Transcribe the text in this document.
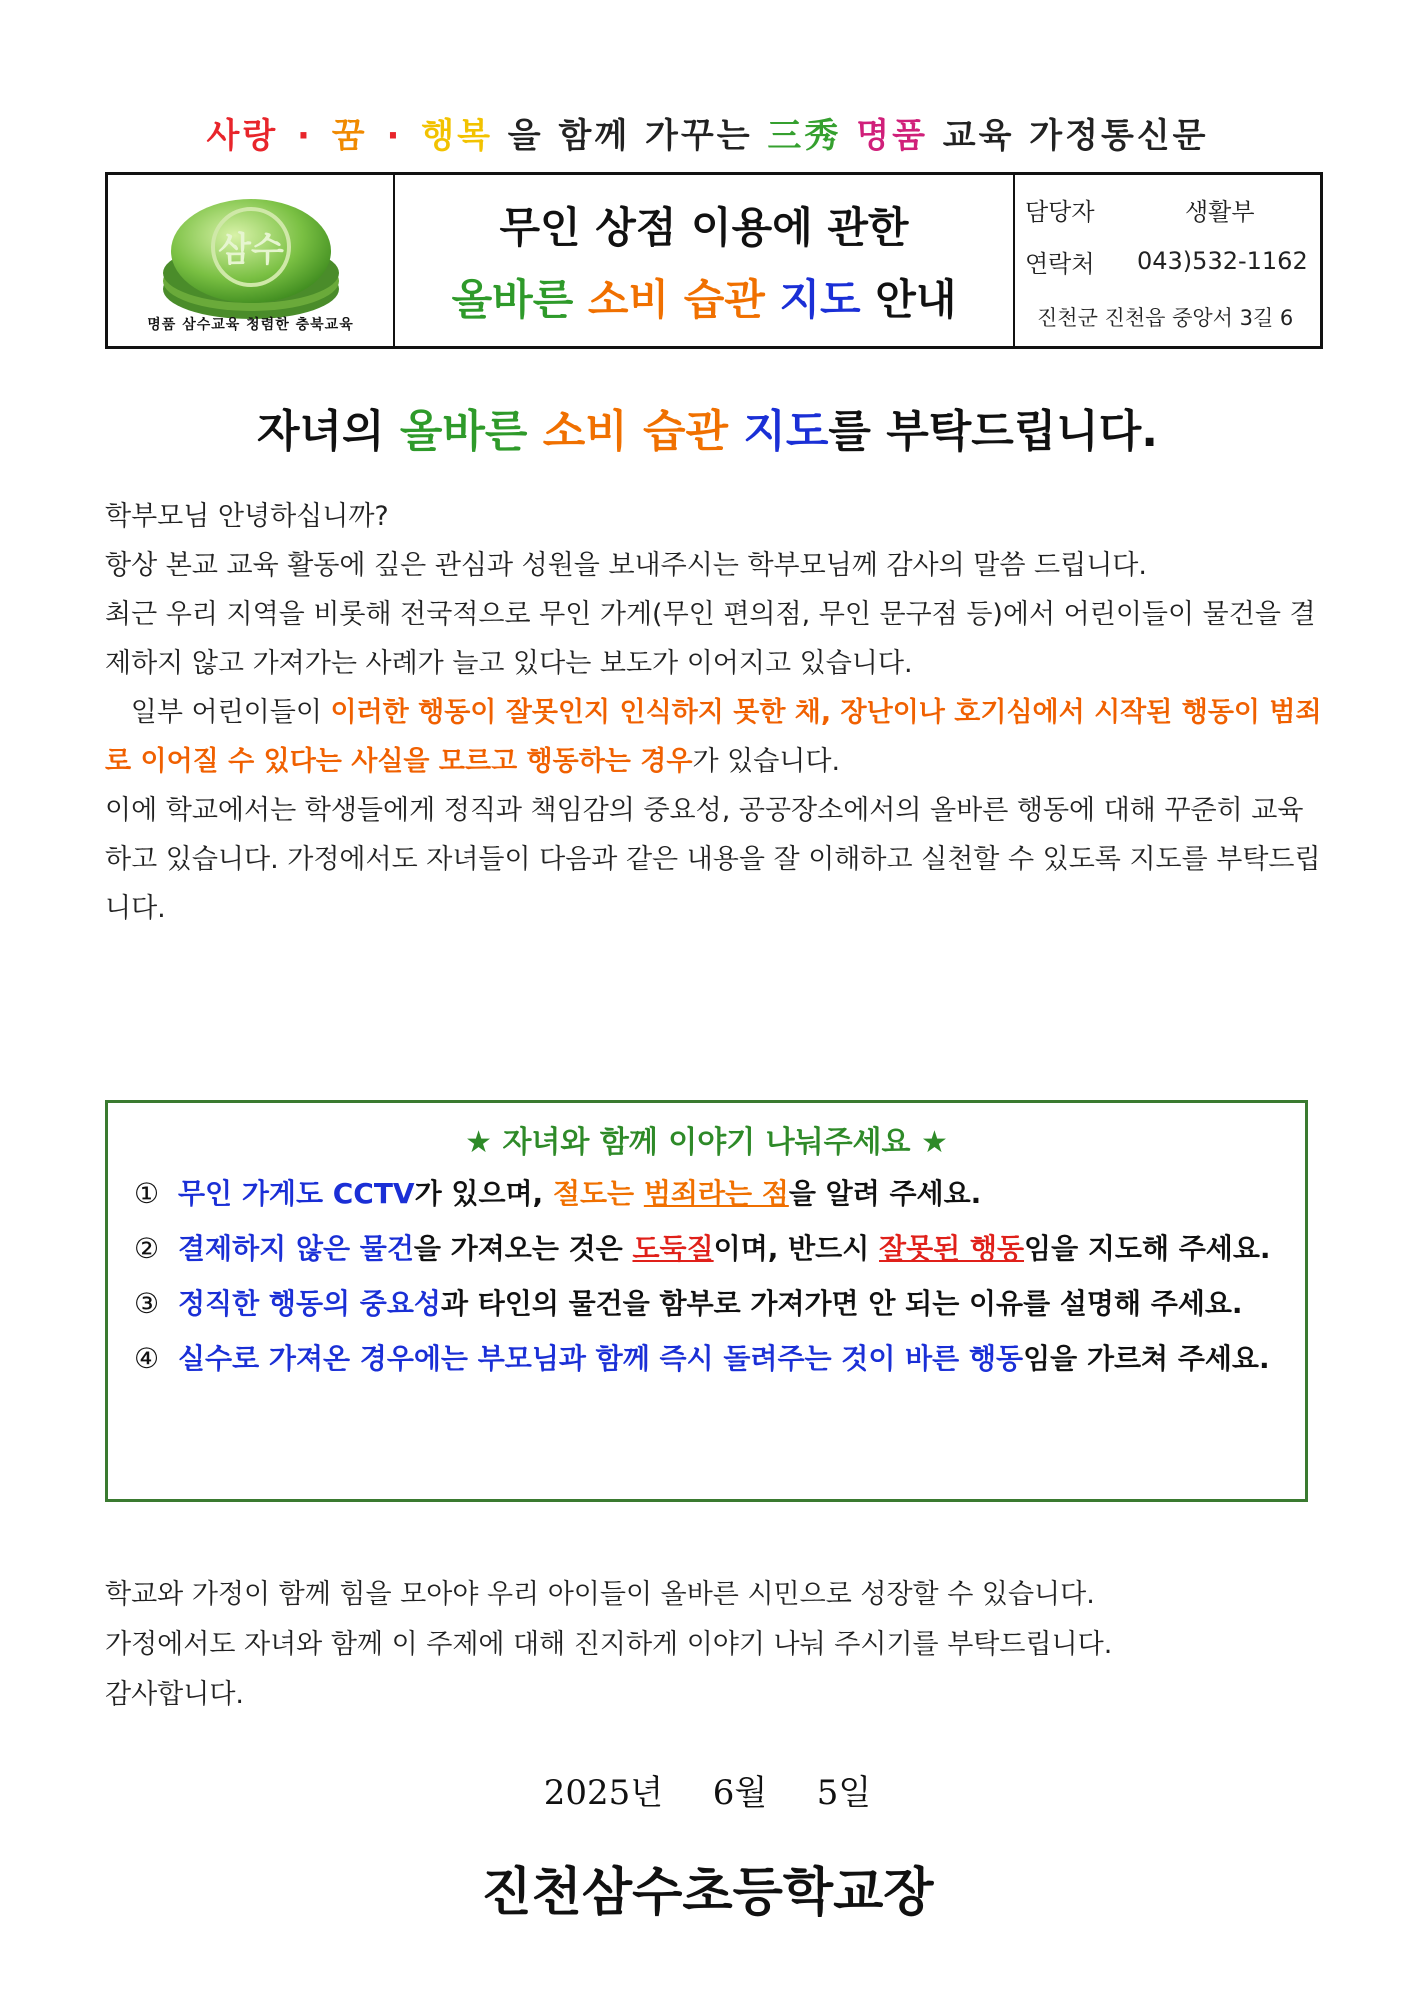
사랑 · 꿈 · 행복 을 함께 가꾸는 三秀 명품 교육 가정통신문
삼수
명품 삼수교육 청렴한 충북교육
무인 상점 이용에 관한
올바른 소비 습관 지도 안내
담당자	생활부
연락처	043)532-1162
진천군 진천읍 중앙서 3길 6
자녀의 올바른 소비 습관 지도를 부탁드립니다.

학부모님 안녕하십니까?

항상 본교 교육 활동에 깊은 관심과 성원을 보내주시는 학부모님께 감사의 말씀 드립니다.

최근 우리 지역을 비롯해 전국적으로 무인 가게(무인 편의점, 무인 문구점 등)에서 어린이들이 물건을 결제하지 않고 가져가는 사례가 늘고 있다는 보도가 이어지고 있습니다.

일부 어린이들이 이러한 행동이 잘못인지 인식하지 못한 채, 장난이나 호기심에서 시작된 행동이 범죄로 이어질 수 있다는 사실을 모르고 행동하는 경우가 있습니다.

이에 학교에서는 학생들에게 정직과 책임감의 중요성, 공공장소에서의 올바른 행동에 대해 꾸준히 교육하고 있습니다. 가정에서도 자녀들이 다음과 같은 내용을 잘 이해하고 실천할 수 있도록 지도를 부탁드립니다.

★ 자녀와 함께 이야기 나눠주세요 ★
① 무인 가게도 CCTV가 있으며, 절도는 범죄라는 점을 알려 주세요.
② 결제하지 않은 물건을 가져오는 것은 도둑질이며, 반드시 잘못된 행동임을 지도해 주세요.
③ 정직한 행동의 중요성과 타인의 물건을 함부로 가져가면 안 되는 이유를 설명해 주세요.
④ 실수로 가져온 경우에는 부모님과 함께 즉시 돌려주는 것이 바른 행동임을 가르쳐 주세요.
학교와 가정이 함께 힘을 모아야 우리 아이들이 올바른 시민으로 성장할 수 있습니다.
가정에서도 자녀와 함께 이 주제에 대해 진지하게 이야기 나눠 주시기를 부탁드립니다.
감사합니다.
2025년  6월  5일
진천삼수초등학교장
